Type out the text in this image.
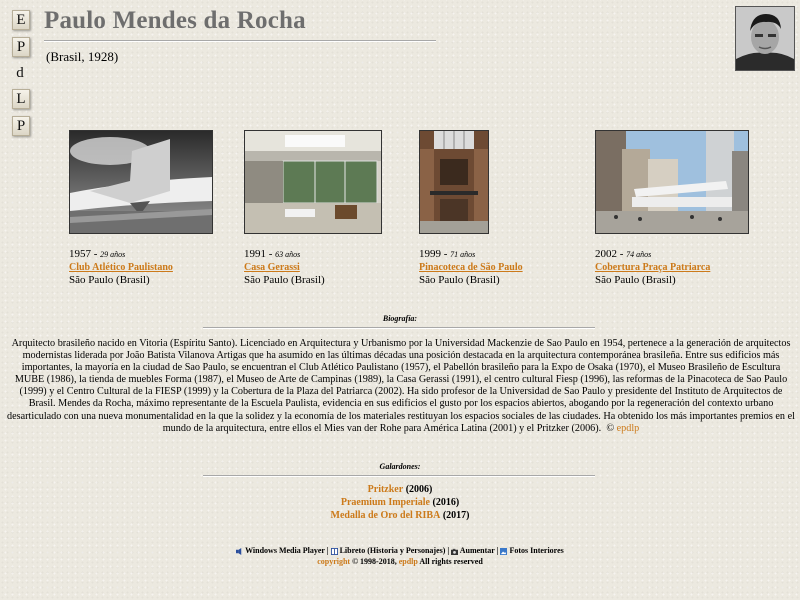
E
P
d
L
P
Paulo Mendes da Rocha
(Brasil, 1928)
1957 - 29 años
Club Atlético Paulistano
São Paulo (Brasil)
1991 - 63 años
Casa Gerassi
São Paulo (Brasil)
1999 - 71 años
Pinacoteca de São Paulo
São Paulo (Brasil)
2002 - 74 años
Cobertura Praça Patriarca
São Paulo (Brasil)
Biografía:

Arquitecto brasileño nacido en Vitoria (Espíritu Santo). Licenciado en Arquitectura y Urbanismo por la Universidad Mackenzie de Sao Paulo en 1954, pertenece a la generación de arquitectos modernistas liderada por João Batista Vilanova Artigas que ha asumido en las últimas décadas una posición destacada en la arquitectura contemporánea brasileña. Entre sus edificios más importantes, la mayoría en la ciudad de Sao Paulo, se encuentran el Club Atlético Paulistano (1957), el Pabellón brasileño para la Expo de Osaka (1970), el Museo Brasileño de Escultura MUBE (1986), la tienda de muebles Forma (1987), el Museo de Arte de Campinas (1989), la Casa Gerassi (1991), el centro cultural Fiesp (1996), las reformas de la Pinacoteca de Sao Paulo (1999) y el Centro Cultural de la FIESP (1999) y la Cobertura de la Plaza del Patriarca (2002). Ha sido profesor de la Universidad de Sao Paulo y presidente del Instituto de Arquitectos de Brasil. Mendes da Rocha, máximo representante de la Escuela Paulista, evidencia en sus edificios el gusto por los espacios abiertos, abogando por la regeneración del contexto urbano desarticulado con una nueva monumentalidad en la que la solidez y la economía de los materiales restituyan los espacios sociales de las ciudades. Ha obtenido los más importantes premios en el mundo de la arquitectura, entre ellos el Mies van der Rohe para América Latina (2001) y el Pritzker (2006). © epdlp

Galardones:
Pritzker (2006)
Praemium Imperiale (2016)
Medalla de Oro del RIBA (2017)
Windows Media Player | Libreto (Historia y Personajes) | Aumentar | Fotos Interiores
copyright © 1998-2018, epdlp All rights reserved
